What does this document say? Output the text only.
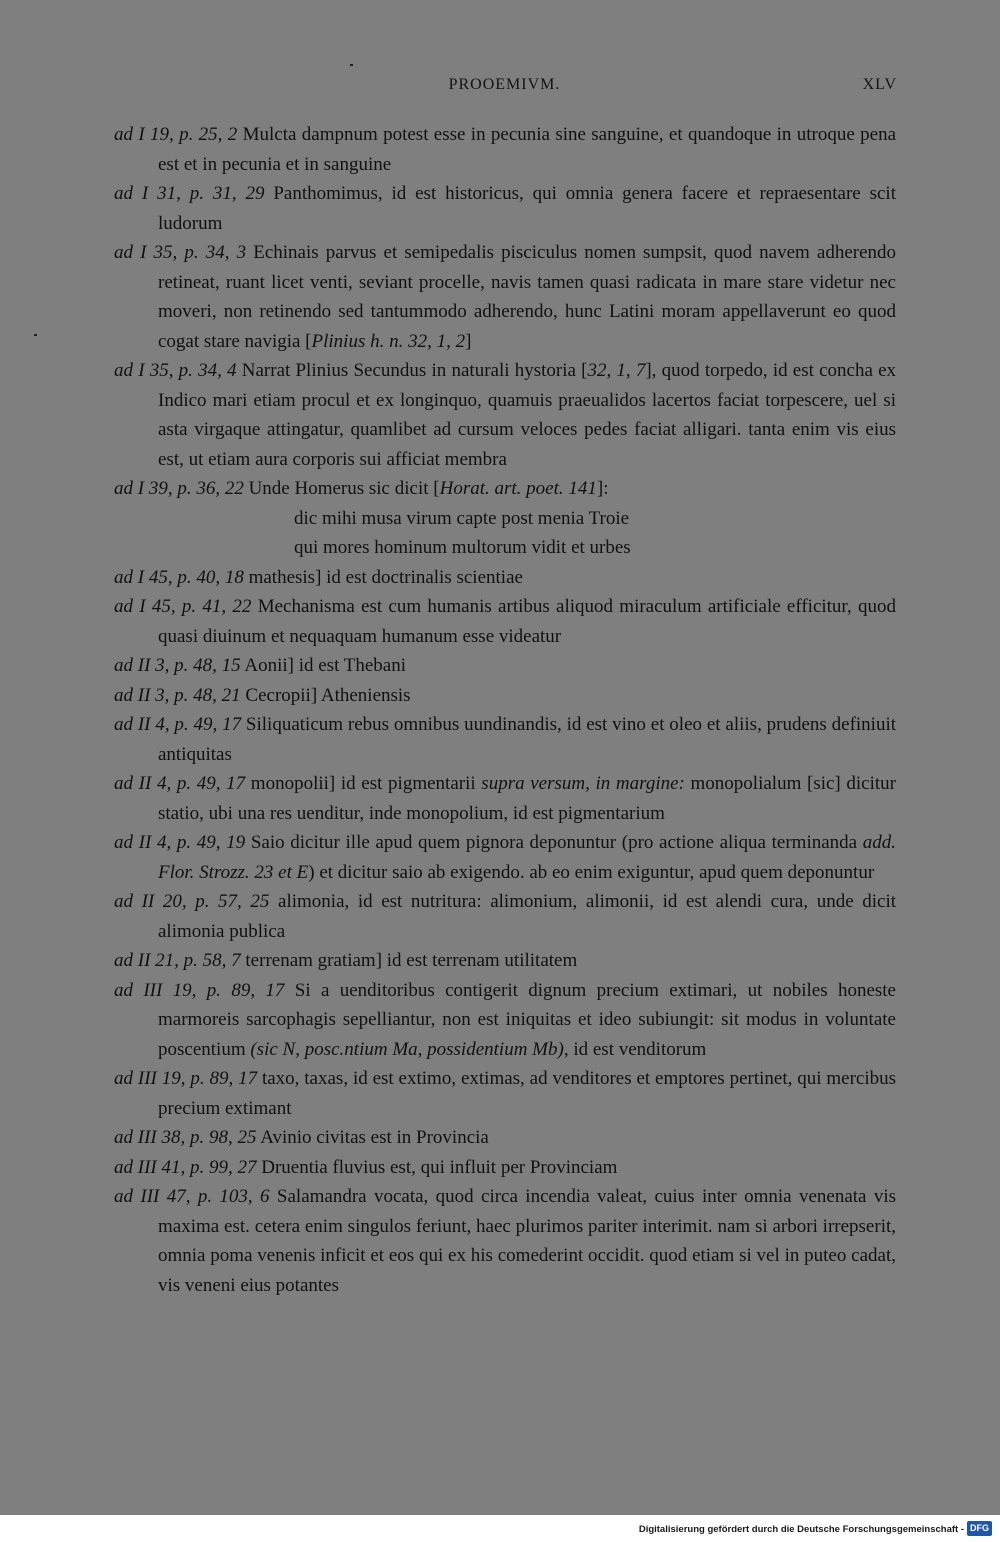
PROOEMIVM.	XLV
ad I 19, p. 25, 2 Mulcta dampnum potest esse in pecunia sine sanguine, et quandoque in utroque pena est et in pecunia et in sanguine
ad I 31, p. 31, 29 Panthomimus, id est historicus, qui omnia genera facere et repraesentare scit ludorum
ad I 35, p. 34, 3 Echinais parvus et semipedalis pisciculus nomen sumpsit, quod navem adherendo retineat, ruant licet venti, seviant procelle, navis tamen quasi radicata in mare stare videtur nec moveri, non retinendo sed tantummodo adherendo, hunc Latini moram appellaverunt eo quod cogat stare navigia [Plinius h. n. 32, 1, 2]
ad I 35, p. 34, 4 Narrat Plinius Secundus in naturali hystoria [32, 1, 7], quod torpedo, id est concha ex Indico mari etiam procul et ex longinquo, quamuis praeualidos lacertos faciat torpescere, uel si asta virgaque attingatur, quamlibet ad cursum veloces pedes faciat alligari. tanta enim vis eius est, ut etiam aura corporis sui afficiat membra
ad I 39, p. 36, 22 Unde Homerus sic dicit [Horat. art. poet. 141]:
dic mihi musa virum capte post menia Troie
qui mores hominum multorum vidit et urbes
ad I 45, p. 40, 18 mathesis] id est doctrinalis scientiae
ad I 45, p. 41, 22 Mechanisma est cum humanis artibus aliquod miraculum artificiale efficitur, quod quasi diuinum et nequaquam humanum esse videatur
ad II 3, p. 48, 15 Aonii] id est Thebani
ad II 3, p. 48, 21 Cecropii] Atheniensis
ad II 4, p. 49, 17 Siliquaticum rebus omnibus uundinandis, id est vino et oleo et aliis, prudens definiuit antiquitas
ad II 4, p. 49, 17 monopolii] id est pigmentarii supra versum, in margine: monopolialum [sic] dicitur statio, ubi una res uenditur, inde monopolium, id est pigmentarium
ad II 4, p. 49, 19 Saio dicitur ille apud quem pignora deponuntur (pro actione aliqua terminanda add. Flor. Strozz. 23 et E) et dicitur saio ab exigendo. ab eo enim exiguntur, apud quem deponuntur
ad II 20, p. 57, 25 alimonia, id est nutritura: alimonium, alimonii, id est alendi cura, unde dicit alimonia publica
ad II 21, p. 58, 7 terrenam gratiam] id est terrenam utilitatem
ad III 19, p. 89, 17 Si a uenditoribus contigerit dignum precium extimari, ut nobiles honeste marmoreis sarcophagis sepelliantur, non est iniquitas et ideo subiungit: sit modus in voluntate poscentium (sic N, posc.ntium Ma, possidentium Mb), id est venditorum
ad III 19, p. 89, 17 taxo, taxas, id est extimo, extimas, ad venditores et emptores pertinet, qui mercibus precium extimant
ad III 38, p. 98, 25 Avinio civitas est in Provincia
ad III 41, p. 99, 27 Druentia fluvius est, qui influit per Provinciam
ad III 47, p. 103, 6 Salamandra vocata, quod circa incendia valeat, cuius inter omnia venenata vis maxima est. cetera enim singulos feriunt, haec plurimos pariter interimit. nam si arbori irrepserit, omnia poma venenis inficit et eos qui ex his comederint occidit. quod etiam si vel in puteo cadat, vis veneni eius potantes
Digitalisierung gefördert durch die Deutsche Forschungsgemeinschaft - DFG
